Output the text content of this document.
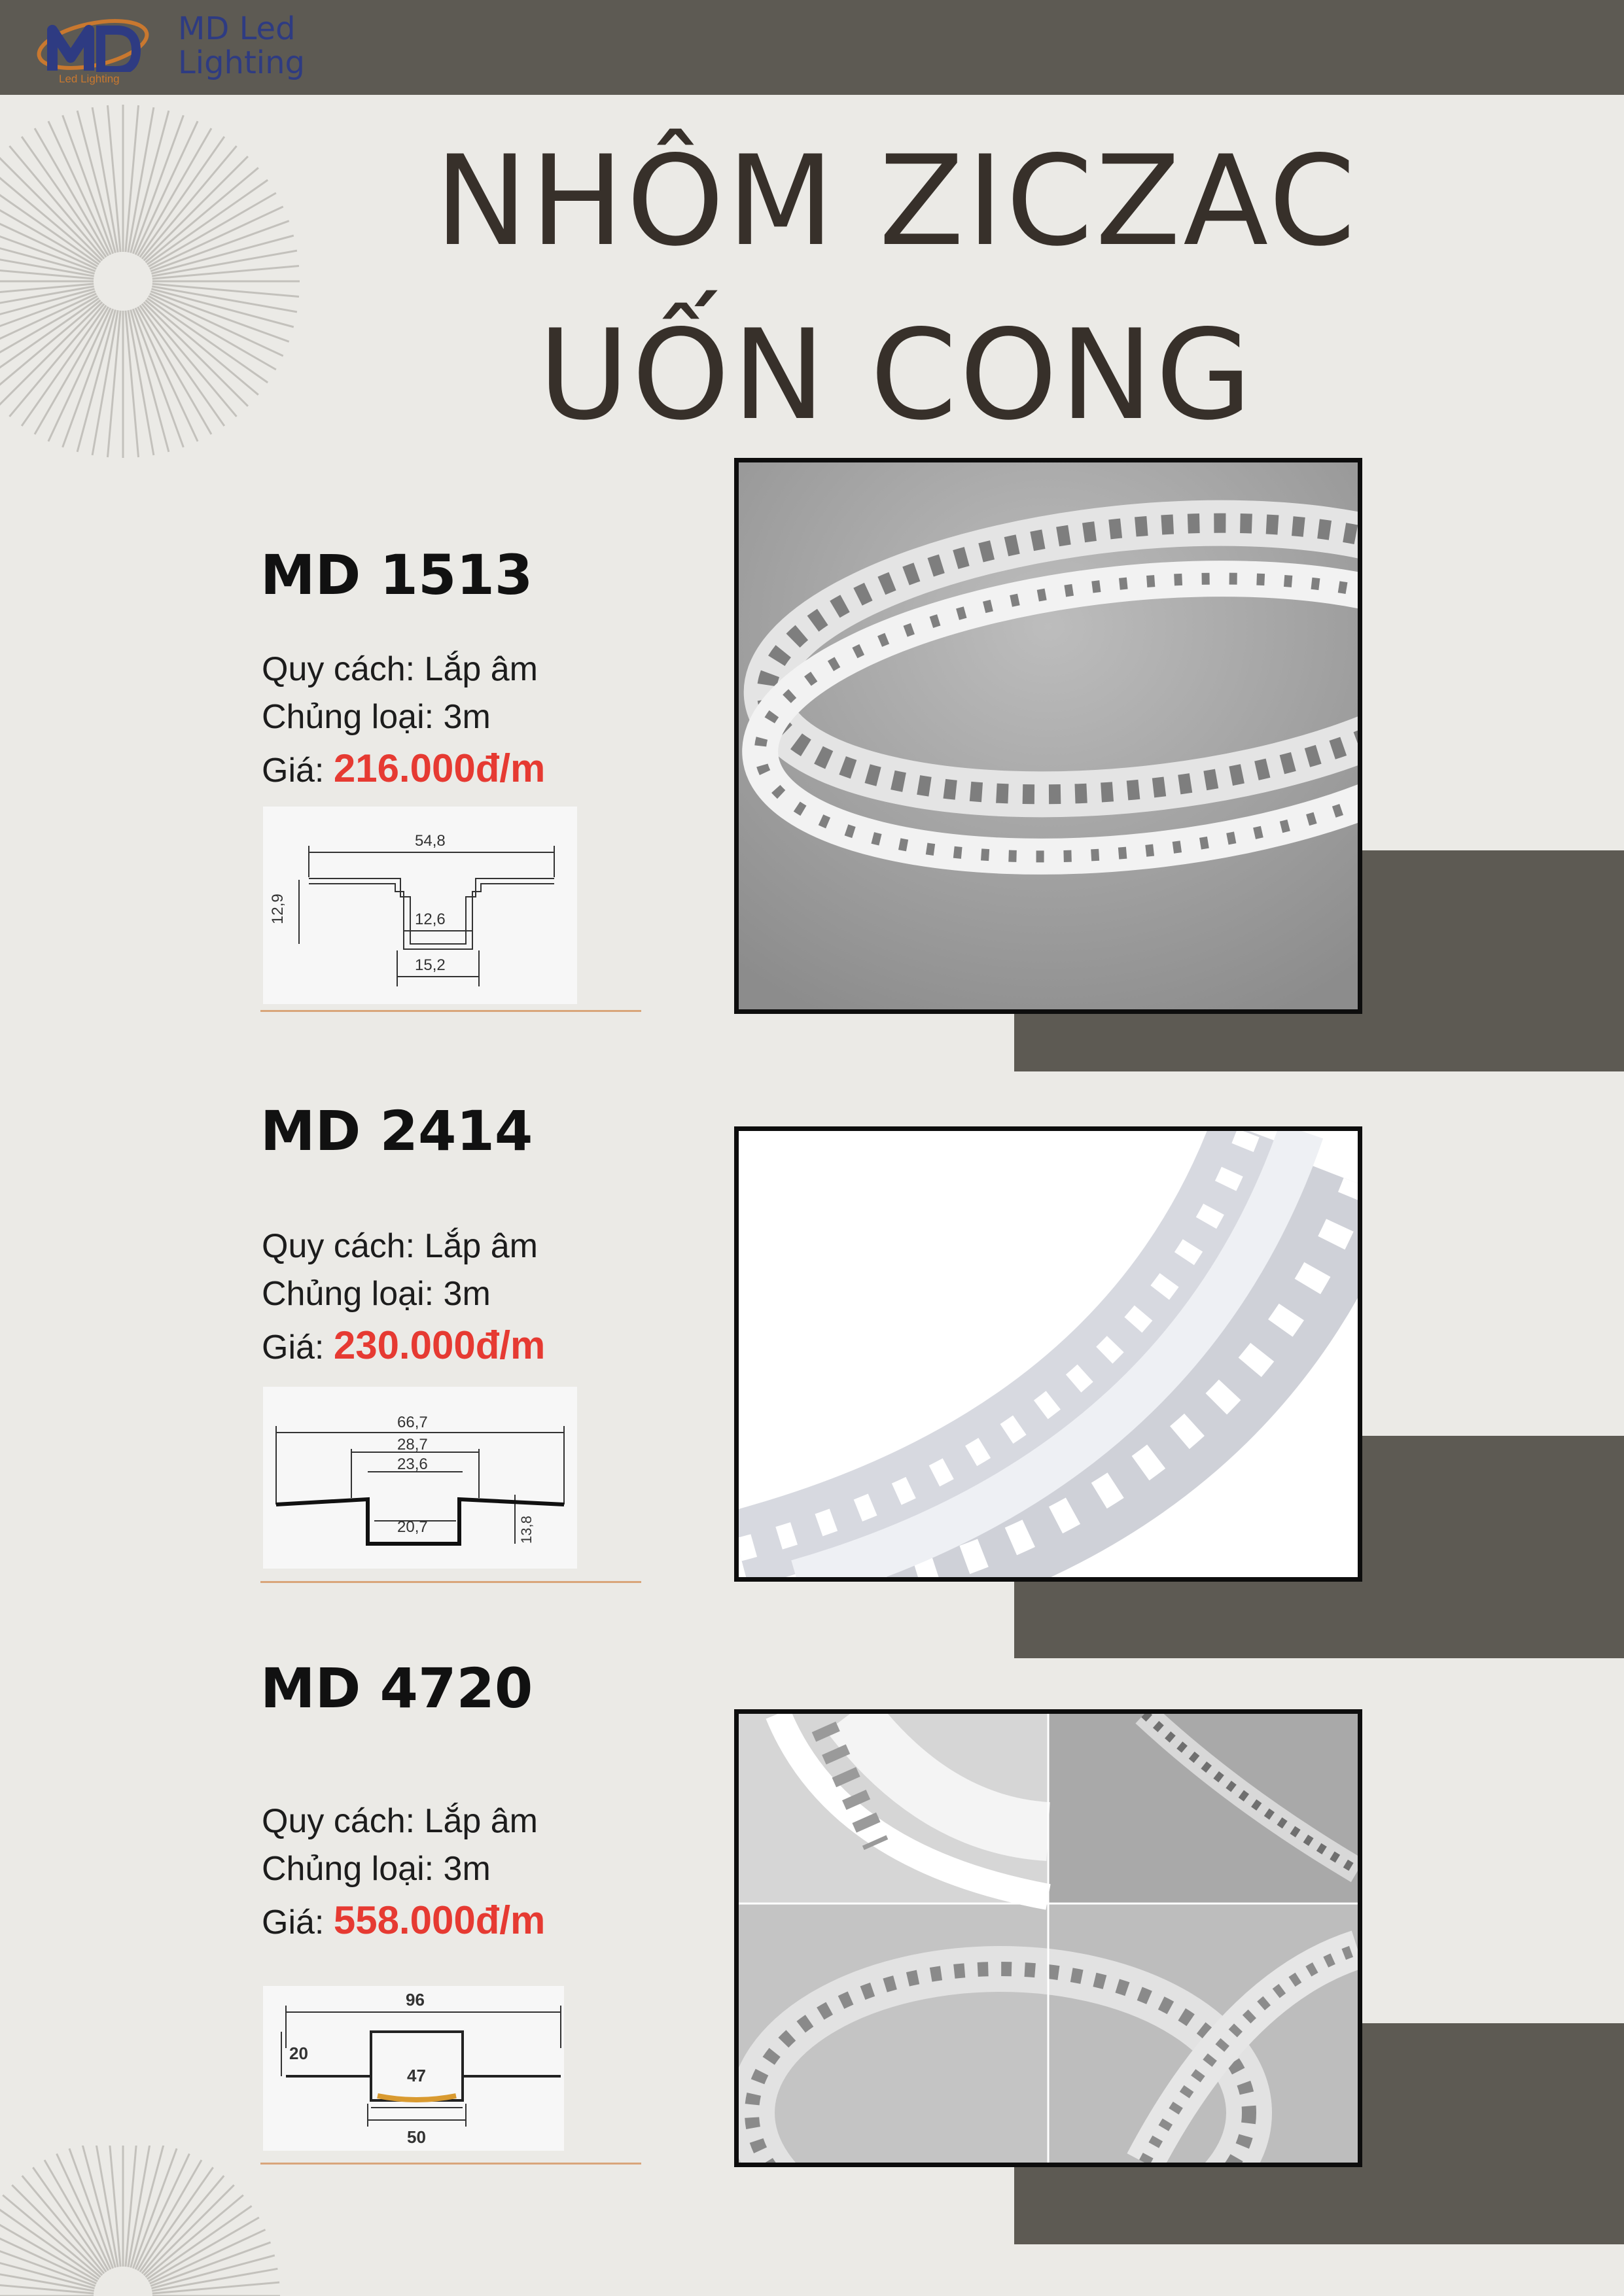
Led Lighting
MD Led
Lighting
NHÔM ZICZAC
UỐN CONG
MD 1513
Quy cách: Lắp âm
Chủng loại: 3m
Giá: 216.000đ/m
54,8
12,9	12,6
15,2
MD 2414
Quy cách: Lắp âm
Chủng loại: 3m
Giá: 230.000đ/m
66,7
28,7
23,6
20,7	13,8
MD 4720
Quy cách: Lắp âm
Chủng loại: 3m
Giá: 558.000đ/m
96
20
47
50
